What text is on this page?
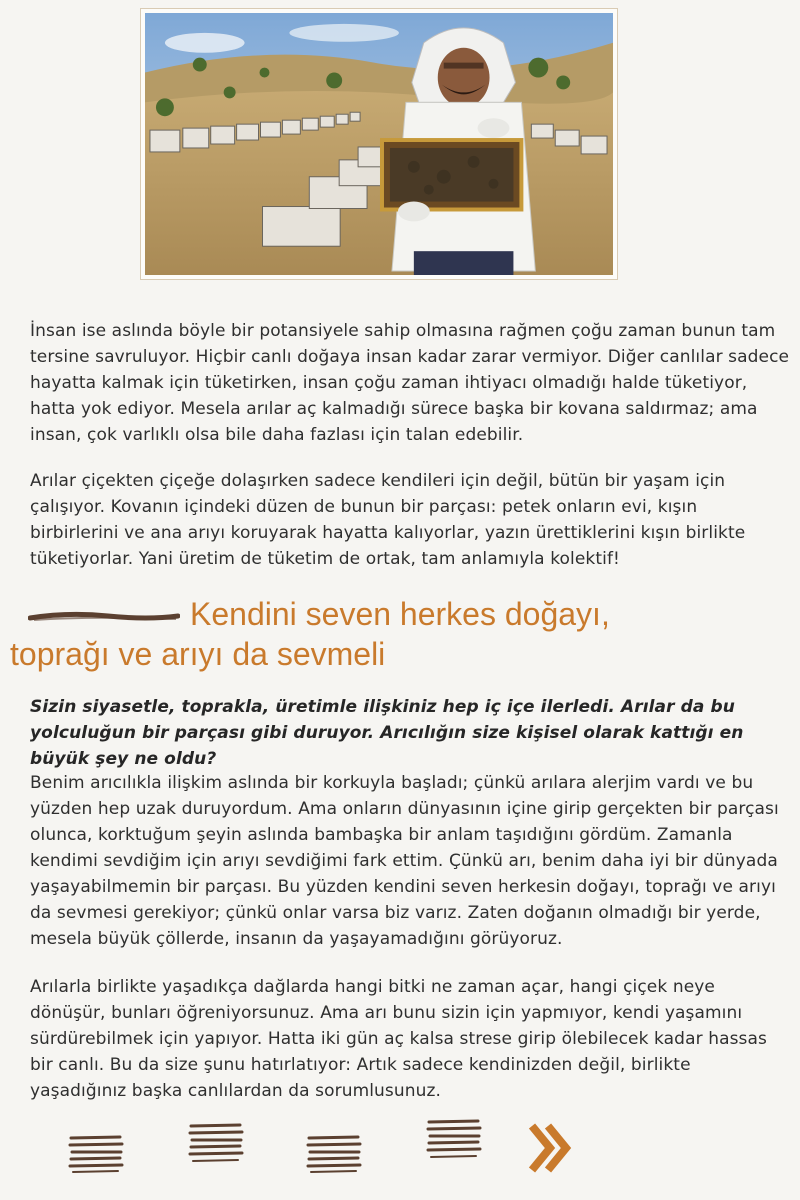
İnsan ise aslında böyle bir potansiyele sahip olmasına rağmen çoğu zaman bunun tam tersine savruluyor. Hiçbir canlı doğaya insan kadar zarar vermiyor. Diğer canlılar sadece hayatta kalmak için tüketirken, insan çoğu zaman ihtiyacı olmadığı halde tüketiyor, hatta yok ediyor. Mesela arılar aç kalmadığı sürece başka bir kovana saldırmaz; ama insan, çok varlıklı olsa bile daha fazlası için talan edebilir.

Arılar çiçekten çiçeğe dolaşırken sadece kendileri için değil, bütün bir yaşam için çalışıyor. Kovanın içindeki düzen de bunun bir parçası: petek onların evi, kışın birbirlerini ve ana arıyı koruyarak hayatta kalıyorlar, yazın ürettiklerini kışın birlikte tüketiyorlar. Yani üretim de tüketim de ortak, tam anlamıyla kolektif!

Kendini seven herkes doğayı,
toprağı ve arıyı da sevmeli

Sizin siyasetle, toprakla, üretimle ilişkiniz hep iç içe ilerledi. Arılar da bu yolculuğun bir parçası gibi duruyor. Arıcılığın size kişisel olarak kattığı en büyük şey ne oldu?

Benim arıcılıkla ilişkim aslında bir korkuyla başladı; çünkü arılara alerjim vardı ve bu yüzden hep uzak duruyordum. Ama onların dünyasının içine girip gerçekten bir parçası olunca, korktuğum şeyin aslında bambaşka bir anlam taşıdığını gördüm. Zamanla kendimi sevdiğim için arıyı sevdiğimi fark ettim. Çünkü arı, benim daha iyi bir dünyada yaşayabilmemin bir parçası. Bu yüzden kendini seven herkesin doğayı, toprağı ve arıyı da sevmesi gerekiyor; çünkü onlar varsa biz varız. Zaten doğanın olmadığı bir yerde, mesela büyük çöllerde, insanın da yaşayamadığını görüyoruz.

Arılarla birlikte yaşadıkça dağlarda hangi bitki ne zaman açar, hangi çiçek neye dönüşür, bunları öğreniyorsunuz. Ama arı bunu sizin için yapmıyor, kendi yaşamını sürdürebilmek için yapıyor. Hatta iki gün aç kalsa strese girip ölebilecek kadar hassas bir canlı. Bu da size şunu hatırlatıyor: Artık sadece kendinizden değil, birlikte yaşadığınız başka canlılardan da sorumlusunuz.
